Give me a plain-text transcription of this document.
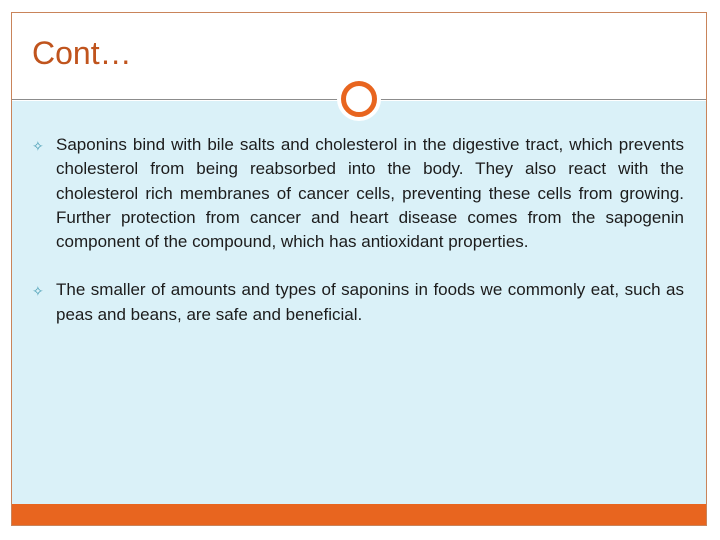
Cont…
✧ Saponins bind with bile salts and cholesterol in the digestive tract, which prevents cholesterol from being reabsorbed into the body. They also react with the cholesterol rich membranes of cancer cells, preventing these cells from growing. Further protection from cancer and heart disease comes from the sapogenin component of the compound, which has antioxidant properties.
✧ The smaller of amounts and types of saponins in foods we commonly eat, such as peas and beans, are safe and beneficial.
